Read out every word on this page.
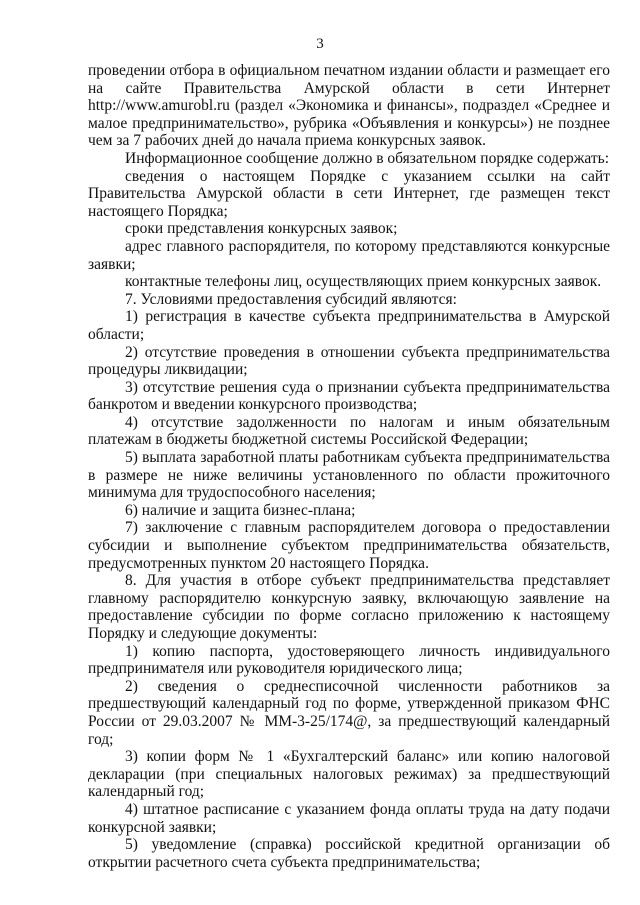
3

проведении отбора в официальном печатном издании области и размещает его на сайте Правительства Амурской области в сети Интернет http://www.amurobl.ru (раздел «Экономика и финансы», подраздел «Среднее и малое предпринимательство», рубрика «Объявления и конкурсы») не позднее чем за 7 рабочих дней до начала приема конкурсных заявок.

Информационное сообщение должно в обязательном порядке содержать:

сведения о настоящем Порядке с указанием ссылки на сайт Правительства Амурской области в сети Интернет, где размещен текст настоящего Порядка;

сроки представления конкурсных заявок;

адрес главного распорядителя, по которому представляются конкурсные заявки;

контактные телефоны лиц, осуществляющих прием конкурсных заявок.

7. Условиями предоставления субсидий являются:

1) регистрация в качестве субъекта предпринимательства в Амурской области;

2) отсутствие проведения в отношении субъекта предпринимательства процедуры ликвидации;

3) отсутствие решения суда о признании субъекта предпринимательства банкротом и введении конкурсного производства;

4) отсутствие задолженности по налогам и иным обязательным платежам в бюджеты бюджетной системы Российской Федерации;

5) выплата заработной платы работникам субъекта предпринимательства в размере не ниже величины установленного по области прожиточного минимума для трудоспособного населения;

6) наличие и защита бизнес-плана;

7) заключение с главным распорядителем договора о предоставлении субсидии и выполнение субъектом предпринимательства обязательств, предусмотренных пунктом 20 настоящего Порядка.

8. Для участия в отборе субъект предпринимательства представляет главному распорядителю конкурсную заявку, включающую заявление на предоставление субсидии по форме согласно приложению к настоящему Порядку и следующие документы:

1) копию паспорта, удостоверяющего личность индивидуального предпринимателя или руководителя юридического лица;

2) сведения о среднесписочной численности работников за предшествующий календарный год по форме, утвержденной приказом ФНС России от 29.03.2007 № ММ-3-25/174@, за предшествующий календарный год;

3) копии форм № 1 «Бухгалтерский баланс» или копию налоговой декларации (при специальных налоговых режимах) за предшествующий календарный год;

4) штатное расписание с указанием фонда оплаты труда на дату подачи конкурсной заявки;

5) уведомление (справка) российской кредитной организации об открытии расчетного счета субъекта предпринимательства;
